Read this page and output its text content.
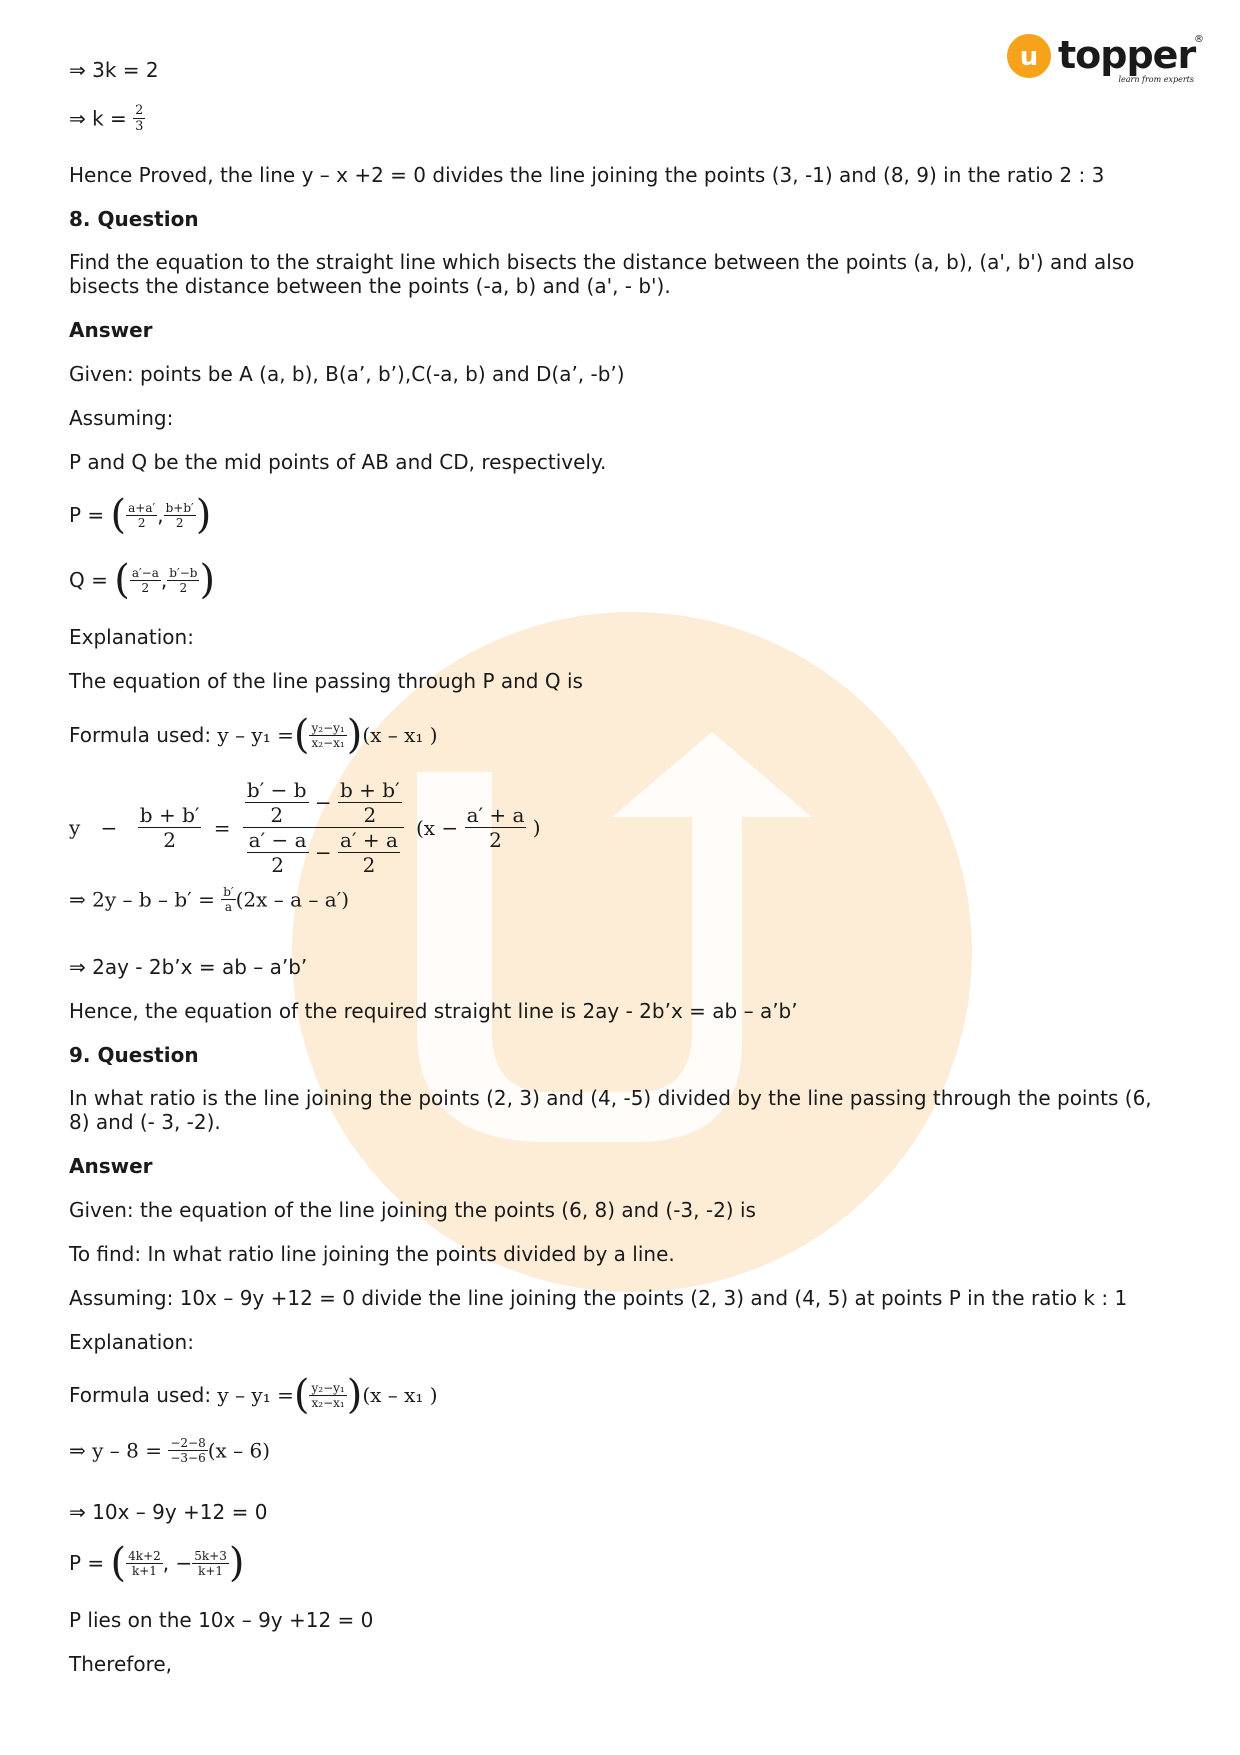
u topper
®
learn from experts
⇒ 3k = 2
⇒ $k = \frac{2}{3}$
Hence Proved, the line y – x +2 = 0 divides the line joining the points (3, -1) and (8, 9) in the ratio 2 : 3
8. Question
Find the equation to the straight line which bisects the distance between the points (a, b), (a', b') and also bisects the distance between the points (-a, b) and (a', - b').
Answer
Given: points be A (a, b), B(a’, b’),C(-a, b) and D(a’, -b’)
Assuming:
P and Q be the mid points of AB and CD, respectively.
P = ( $\frac{a+a'}{2}$ , $\frac{b+b'}{2}$ )
Q = ( $\frac{a'-a}{2}$ , $\frac{b'-b}{2}$ )
Explanation:
The equation of the line passing through P and Q is
Formula used: y – y₁ =( $\frac{\text{y₂−y₁}}{\text{x₂−x₁}} )(x - x_1$ )
$y - \frac{b + b'}{2} = \frac{\frac{b' - b}{2} - \frac{b + b'}{2}}{\frac{a' - a}{2} - \frac{a' + a}{2}} (x - \frac{a' + a}{2}$ )
⇒ $2y - b - b' = \frac{b'}{a} (2x - a - a')$
⇒ 2ay - 2b’x = ab – a’b’
Hence, the equation of the required straight line is 2ay - 2b’x = ab – a’b’
9. Question
In what ratio is the line joining the points (2, 3) and (4, -5) divided by the line passing through the points (6, 8) and (- 3, -2).
Answer
Given: the equation of the line joining the points (6, 8) and (-3, -2) is
To find: In what ratio line joining the points divided by a line.
Assuming: 10x – 9y +12 = 0 divide the line joining the points (2, 3) and (4, 5) at points P in the ratio k : 1
Explanation:
Formula used: y – y₁ =( $\frac{\text{y₂−y₁}}{\text{x₂−x₁}} )(x - x_1$ )
⇒ $y - 8 = \frac{-2-8}{-3-6} (x - 6)$
⇒ 10x – 9y +12 = 0
P = ( $\frac{4k+2}{k+1}$ , − $\frac{5k+3}{k+1}$ )
P lies on the 10x – 9y +12 = 0
Therefore,
